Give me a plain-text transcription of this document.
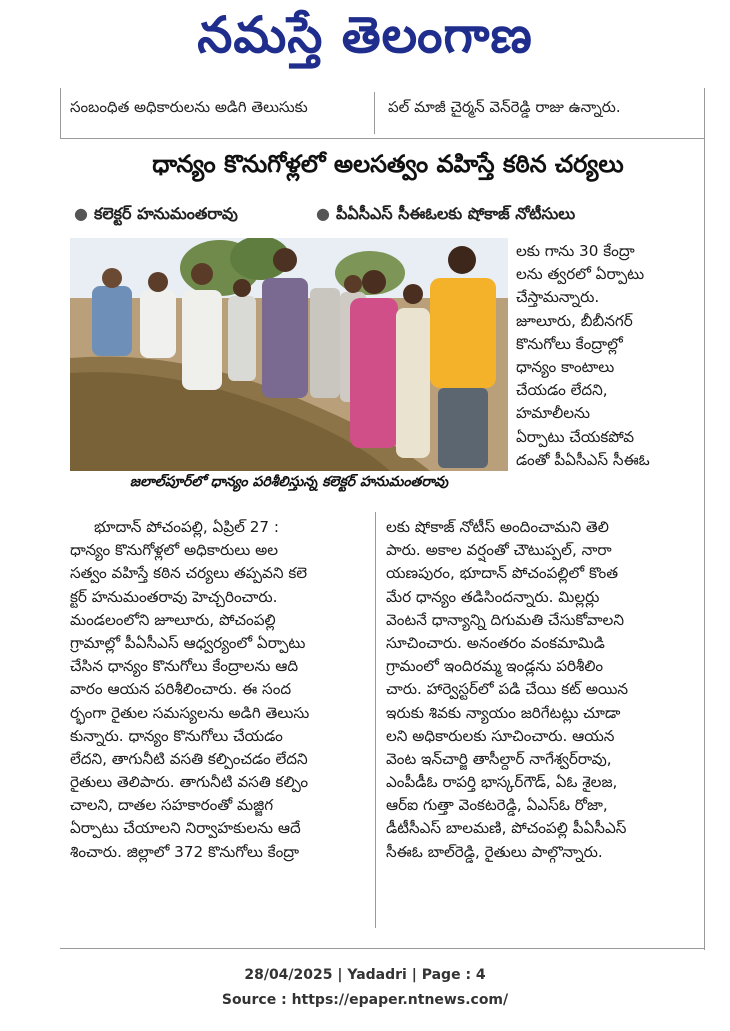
నమస్తే తెలంగాణ
సంబంధిత అధికారులను అడిగి తెలుసుకు	పల్ మాజీ చైర్మన్ వెన్‌రెడ్డి రాజు ఉన్నారు.
ధాన్యం కొనుగోళ్లలో అలసత్వం వహిస్తే కఠిన చర్యలు
● కలెక్టర్ హనుమంతరావు	● పీఏసీఎస్ సీఈఓలకు షోకాజ్ నోటీసులు
జలాల్‌పూర్‌లో ధాన్యం పరిశీలిస్తున్న కలెక్టర్ హనుమంతరావు
లకు గాను 30 కేంద్రా
లను త్వరలో ఏర్పాటు
చేస్తామన్నారు.
జూలూరు, బీబీనగర్
కొనుగోలు కేంద్రాల్లో
ధాన్యం కాంటాలు
చేయడం లేదని,
హమాలీలను
ఏర్పాటు చేయకపోవ
డంతో పీఏసీఎస్ సీఈఓ
భూదాన్ పోచంపల్లి, ఏప్రిల్ 27 :
ధాన్యం కొనుగోళ్లలో అధికారులు అల
సత్వం వహిస్తే కఠిన చర్యలు తప్పవని కలె
క్టర్ హనుమంతరావు హెచ్చరించారు.
మండలంలోని జూలూరు, పోచంపల్లి
గ్రామాల్లో పీఏసీఎస్ ఆధ్వర్యంలో ఏర్పాటు
చేసిన ధాన్యం కొనుగోలు కేంద్రాలను ఆది
వారం ఆయన పరిశీలించారు. ఈ సంద
ర్భంగా రైతుల సమస్యలను అడిగి తెలుసు
కున్నారు. ధాన్యం కొనుగోలు చేయడం
లేదని, తాగునీటి వసతి కల్పించడం లేదని
రైతులు తెలిపారు. తాగునీటి వసతి కల్పిం
చాలని, దాతల సహకారంతో మజ్జిగ
ఏర్పాటు చేయాలని నిర్వాహకులను ఆదే
శించారు. జిల్లాలో 372 కొనుగోలు కేంద్రా
లకు షోకాజ్ నోటీస్ అందించామని తెలి
పారు. అకాల వర్షంతో చౌటుప్పల్, నారా
యణపురం, భూదాన్ పోచంపల్లిలో కొంత
మేర ధాన్యం తడిసిందన్నారు. మిల్లర్లు
వెంటనే ధాన్యాన్ని దిగుమతి చేసుకోవాలని
సూచించారు. అనంతరం వంకమామిడి
గ్రామంలో ఇందిరమ్మ ఇండ్లను పరిశీలిం
చారు. హార్వెస్టర్‌లో పడి చేయి కట్ అయిన
ఇరుకు శివకు న్యాయం జరిగేటట్లు చూడా
లని అధికారులకు సూచించారు. ఆయన
వెంట ఇన్‌చార్జి తాసీల్దార్ నాగేశ్వర్‌రావు,
ఎంపీడీఓ రాపర్తి భాస్కర్‌గౌడ్, ఏఓ శైలజ,
ఆర్ఐ గుత్తా వెంకటరెడ్డి, ఏఎస్ఓ రోజా,
డీటీసీఎస్ బాలమణి, పోచంపల్లి పీఏసీఎస్
సీఈఓ బాల్‌రెడ్డి, రైతులు పాల్గొన్నారు.
28/04/2025 | Yadadri | Page : 4
Source : https://epaper.ntnews.com/
